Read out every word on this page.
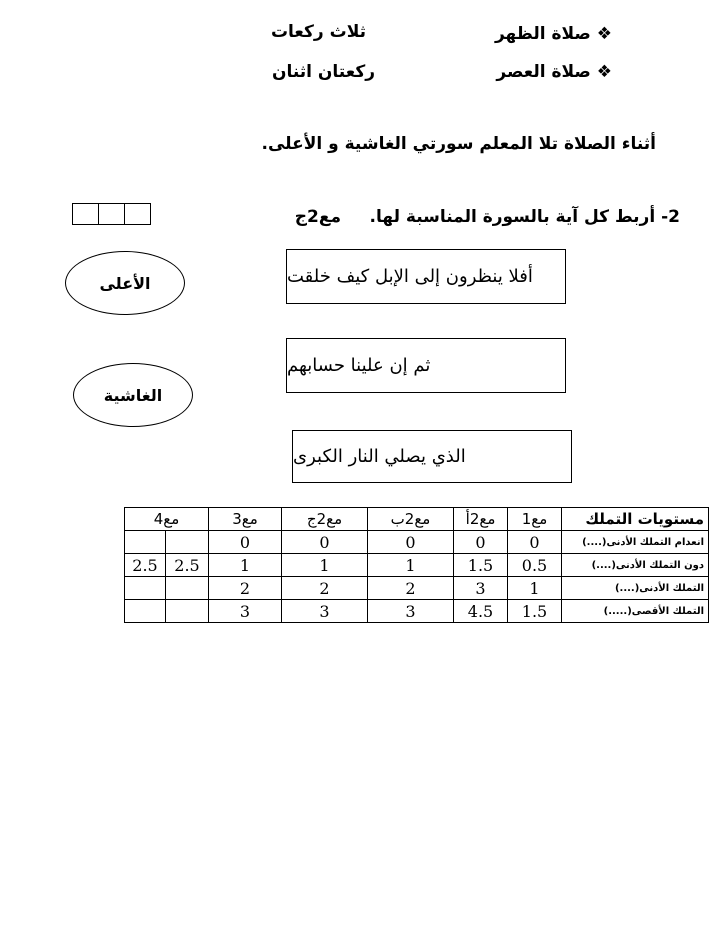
❖ صلاة الظهر
ثلاث ركعات
❖ صلاة العصر
ركعتان اثنان
أثناء الصلاة تلا المعلم سورتي الغاشية و الأعلى.
2- أربط كل آية بالسورة المناسبة لها.
مع2ج
أفلا ينظرون إلى الإبل كيف خلقت
ثم إن علينا حسابهم
الذي يصلي النار الكبرى
الأعلى
الغاشية
مع4		مع3	مع2ج	مع2ب	مع2أ	مع1	مستويات التملك
		0	0	0	0	0	انعدام التملك الأدنى(....)
2.5	2.5	1	1	1	1.5	0.5	دون التملك الأدنى(....)
		2	2	2	3	1	التملك الأدنى(....)
		3	3	3	4.5	1.5	التملك الأقصى(.....)
